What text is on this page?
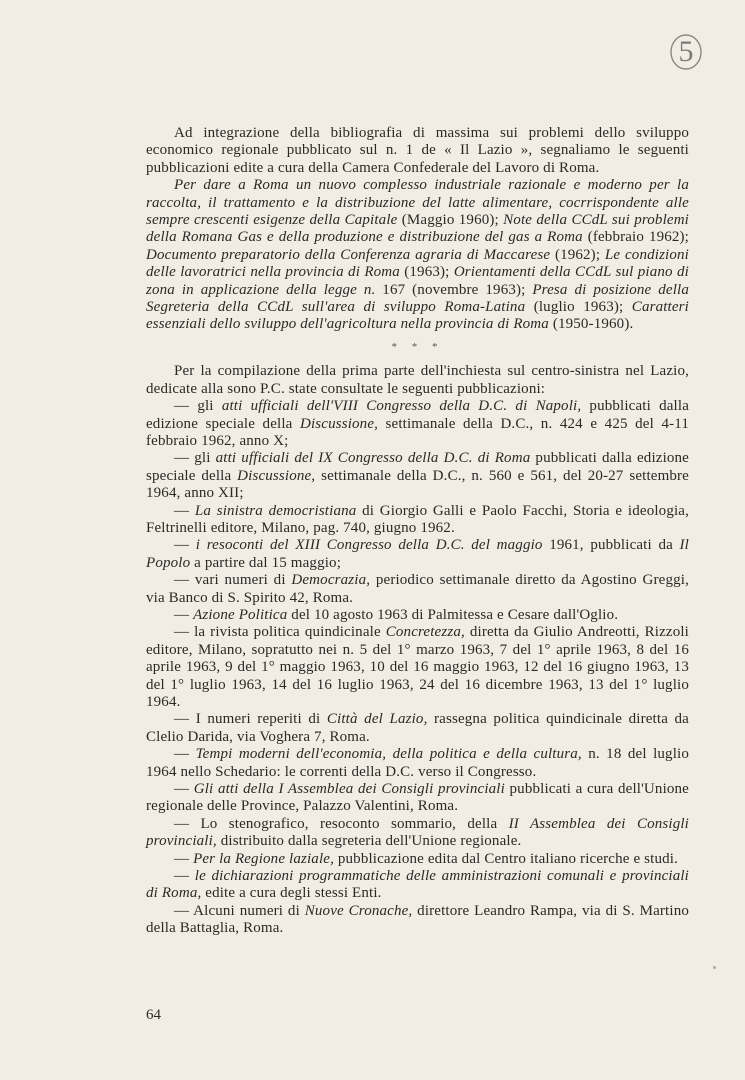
5

Ad integrazione della bibliografia di massima sui problemi dello sviluppo economico regionale pubblicato sul n. 1 de « Il Lazio », segnaliamo le seguenti pubblicazioni edite a cura della Camera Confederale del Lavoro di Roma.

Per dare a Roma un nuovo complesso industriale razionale e moderno per la raccolta, il trattamento e la distribuzione del latte alimentare, cocrrispondente alle sempre crescenti esigenze della Capitale (Maggio 1960); Note della CCdL sui problemi della Romana Gas e della produzione e distribuzione del gas a Roma (febbraio 1962); Documento preparatorio della Conferenza agraria di Maccarese (1962); Le condizioni delle lavoratrici nella provincia di Roma (1963); Orientamenti della CCdL sul piano di zona in applicazione della legge n. 167 (novembre 1963); Presa di posizione della Segreteria della CCdL sull'area di sviluppo Roma-Latina (luglio 1963); Caratteri essenziali dello sviluppo dell'agricoltura nella provincia di Roma (1950-1960).

* * *

Per la compilazione della prima parte dell'inchiesta sul centro-sinistra nel Lazio, dedicate alla sono P.C. state consultate le seguenti pubblicazioni:

— gli atti ufficiali dell'VIII Congresso della D.C. di Napoli, pubblicati dalla edizione speciale della Discussione, settimanale della D.C., n. 424 e 425 del 4-11 febbraio 1962, anno X;

— gli atti ufficiali del IX Congresso della D.C. di Roma pubblicati dalla edizione speciale della Discussione, settimanale della D.C., n. 560 e 561, del 20-27 settembre 1964, anno XII;

— La sinistra democristiana di Giorgio Galli e Paolo Facchi, Storia e ideologia, Feltrinelli editore, Milano, pag. 740, giugno 1962.

— i resoconti del XIII Congresso della D.C. del maggio 1961, pubblicati da Il Popolo a partire dal 15 maggio;

— vari numeri di Democrazia, periodico settimanale diretto da Agostino Greggi, via Banco di S. Spirito 42, Roma.

— Azione Politica del 10 agosto 1963 di Palmitessa e Cesare dall'Oglio.

— la rivista politica quindicinale Concretezza, diretta da Giulio Andreotti, Rizzoli editore, Milano, sopratutto nei n. 5 del 1° marzo 1963, 7 del 1° aprile 1963, 8 del 16 aprile 1963, 9 del 1° maggio 1963, 10 del 16 maggio 1963, 12 del 16 giugno 1963, 13 del 1° luglio 1963, 14 del 16 luglio 1963, 24 del 16 dicembre 1963, 13 del 1° luglio 1964.

— I numeri reperiti di Città del Lazio, rassegna politica quindicinale diretta da Clelio Darida, via Voghera 7, Roma.

— Tempi moderni dell'economia, della politica e della cultura, n. 18 del luglio 1964 nello Schedario: le correnti della D.C. verso il Congresso.

— Gli atti della I Assemblea dei Consigli provinciali pubblicati a cura dell'Unione regionale delle Province, Palazzo Valentini, Roma.

— Lo stenografico, resoconto sommario, della II Assemblea dei Consigli provinciali, distribuito dalla segreteria dell'Unione regionale.

— Per la Regione laziale, pubblicazione edita dal Centro italiano ricerche e studi.

— le dichiarazioni programmatiche delle amministrazioni comunali e provinciali di Roma, edite a cura degli stessi Enti.

— Alcuni numeri di Nuove Cronache, direttore Leandro Rampa, via di S. Martino della Battaglia, Roma.

64
